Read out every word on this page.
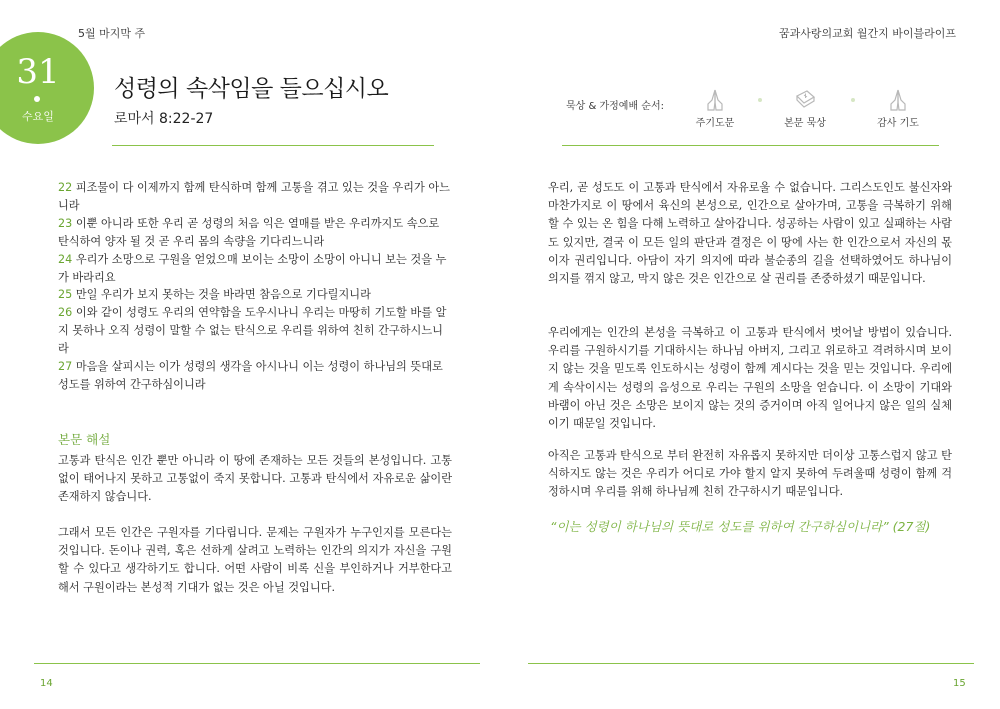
5월 마지막 주	꿈과사랑의교회 월간지 바이블라이프
31
수요일
성령의 속삭임을 들으십시오
로마서 8:22-27
묵상 & 가정예배 순서:
주기도문	본문 묵상	감사 기도
22 피조물이 다 이제까지 함께 탄식하며 함께 고통을 겪고 있는 것을 우리가 아느니라
23 이뿐 아니라 또한 우리 곧 성령의 처음 익은 열매를 받은 우리까지도 속으로 탄식하여 양자 될 것 곧 우리 몸의 속량을 기다리느니라
24 우리가 소망으로 구원을 얻었으매 보이는 소망이 소망이 아니니 보는 것을 누가 바라리요
25 만일 우리가 보지 못하는 것을 바라면 참음으로 기다릴지니라
26 이와 같이 성령도 우리의 연약함을 도우시나니 우리는 마땅히 기도할 바를 알지 못하나 오직 성령이 말할 수 없는 탄식으로 우리를 위하여 친히 간구하시느니라
27 마음을 살피시는 이가 성령의 생각을 아시나니 이는 성령이 하나님의 뜻대로 성도를 위하여 간구하심이니라
본문 해설
고통과 탄식은 인간 뿐만 아니라 이 땅에 존재하는 모든 것들의 본성입니다. 고통없이 태어나지 못하고 고통없이 죽지 못합니다. 고통과 탄식에서 자유로운 삶이란 존재하지 않습니다.
그래서 모든 인간은 구원자를 기다립니다. 문제는 구원자가 누구인지를 모른다는 것입니다. 돈이나 권력, 혹은 선하게 살려고 노력하는 인간의 의지가 자신을 구원 할 수 있다고 생각하기도 합니다. 어떤 사람이 비록 신을 부인하거나 거부한다고 해서 구원이라는 본성적 기대가 없는 것은 아닐 것입니다.
우리, 곧 성도도 이 고통과 탄식에서 자유로울 수 없습니다. 그리스도인도 불신자와 마찬가지로 이 땅에서 육신의 본성으로, 인간으로 살아가며, 고통을 극복하기 위해 할 수 있는 온 힘을 다해 노력하고 살아갑니다. 성공하는 사람이 있고 실패하는 사람도 있지만, 결국 이 모든 일의 판단과 결정은 이 땅에 사는 한 인간으로서 자신의 몫이자 권리입니다. 아담이 자기 의지에 따라 불순종의 길을 선택하였어도 하나님이 의지를 꺾지 않고, 막지 않은 것은 인간으로 살 권리를 존중하셨기 때문입니다.
우리에게는 인간의 본성을 극복하고 이 고통과 탄식에서 벗어날 방법이 있습니다. 우리를 구원하시기를 기대하시는 하나님 아버지, 그리고 위로하고 격려하시며 보이지 않는 것을 믿도록 인도하시는 성령이 함께 계시다는 것을 믿는 것입니다. 우리에게 속삭이시는 성령의 음성으로 우리는 구원의 소망을 얻습니다. 이 소망이 기대와 바램이 아닌 것은 소망은 보이지 않는 것의 증거이며 아직 일어나지 않은 일의 실체이기 때문일 것입니다.
아직은 고통과 탄식으로 부터 완전히 자유롭지 못하지만 더이상 고통스럽지 않고 탄식하지도 않는 것은 우리가 어디로 가야 할지 알지 못하여 두려울때 성령이 함께 걱정하시며 우리를 위해 하나님께 친히 간구하시기 때문입니다.
“이는 성령이 하나님의 뜻대로 성도를 위하여 간구하심이니라” (27절)
14	15
